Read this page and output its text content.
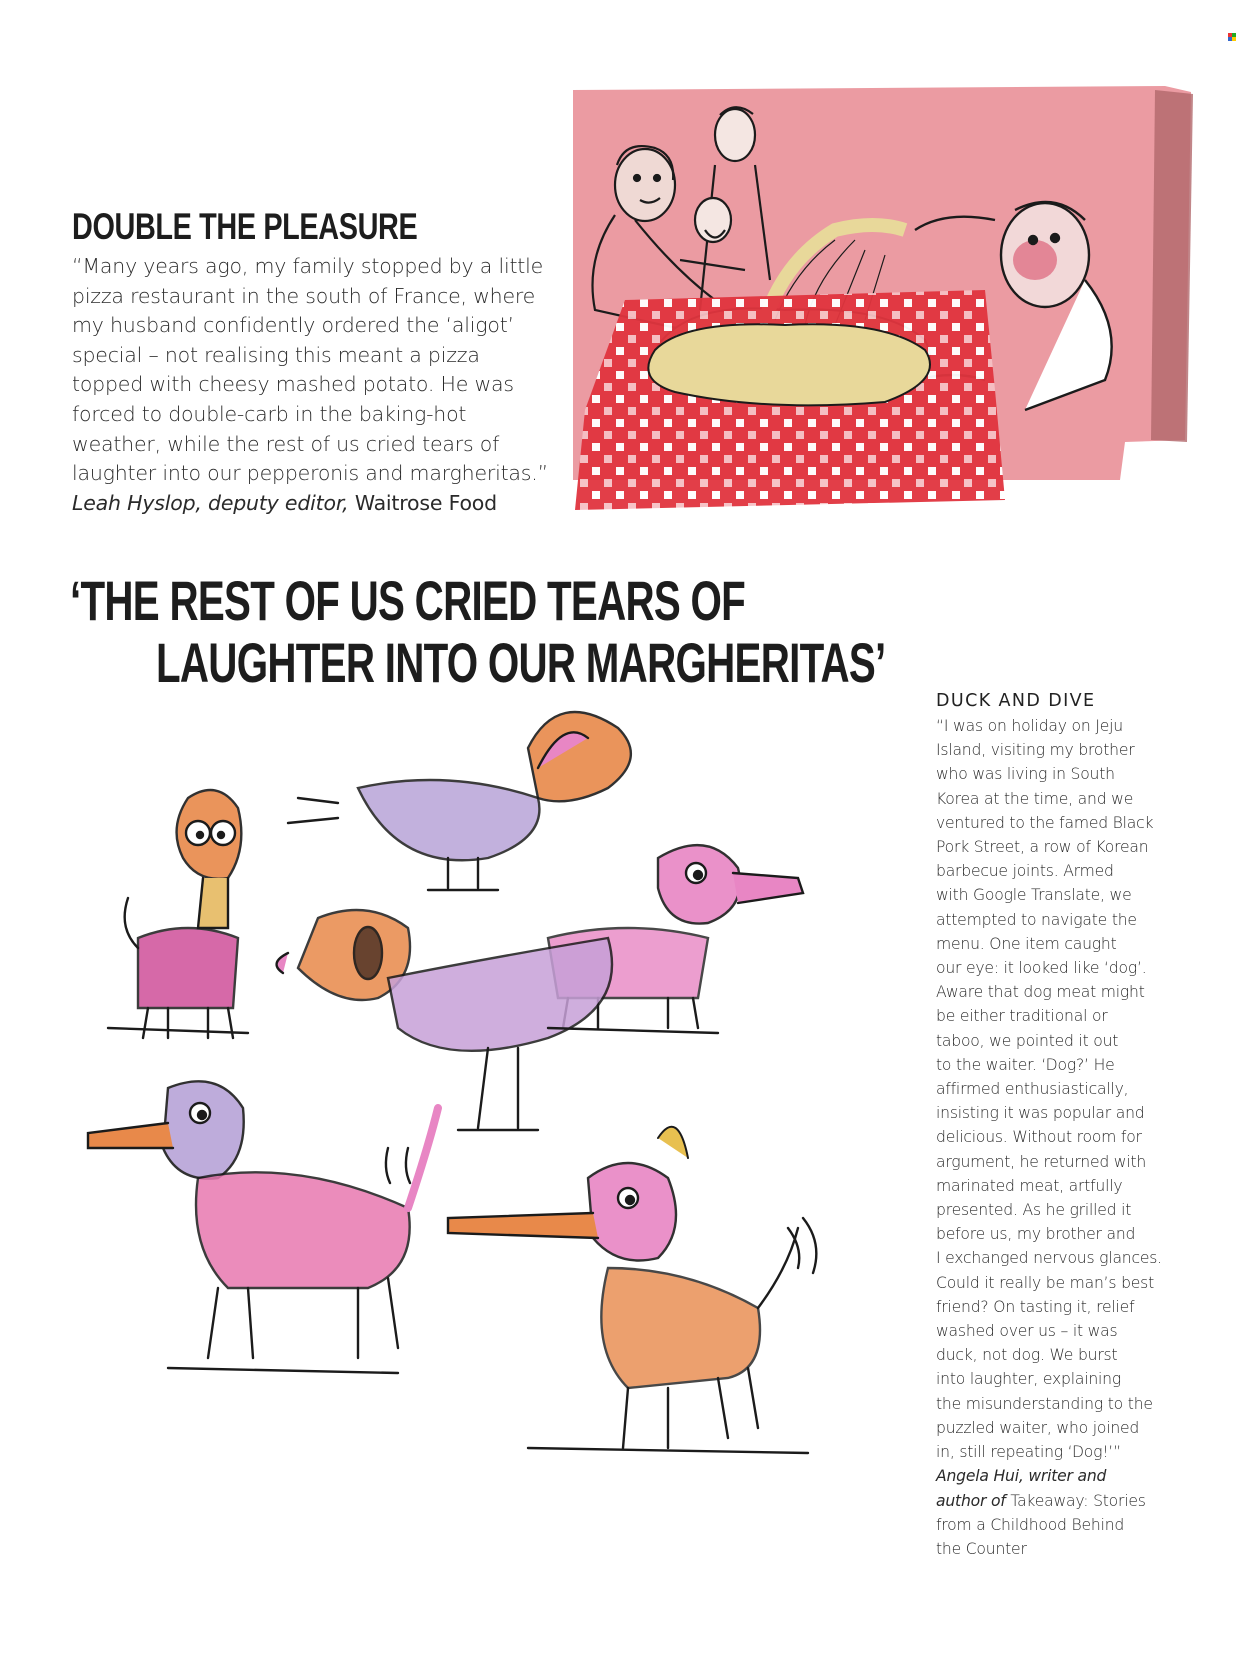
DOUBLE THE PLEASURE
“Many years ago, my family stopped by a little
pizza restaurant in the south of France, where
my husband confidently ordered the ‘aligot’
special – not realising this meant a pizza
topped with cheesy mashed potato. He was
forced to double-carb in the baking-hot
weather, while the rest of us cried tears of
laughter into our pepperonis and margheritas.”
Leah Hyslop, deputy editor, Waitrose Food
‘THE REST OF US CRIED TEARS OF
LAUGHTER INTO OUR MARGHERITAS’
DUCK AND DIVE
“I was on holiday on Jeju
Island, visiting my brother
who was living in South
Korea at the time, and we
ventured to the famed Black
Pork Street, a row of Korean
barbecue joints. Armed
with Google Translate, we
attempted to navigate the
menu. One item caught
our eye: it looked like ‘dog’.
Aware that dog meat might
be either traditional or
taboo, we pointed it out
to the waiter. ‘Dog?’ He
affirmed enthusiastically,
insisting it was popular and
delicious. Without room for
argument, he returned with
marinated meat, artfully
presented. As he grilled it
before us, my brother and
I exchanged nervous glances.
Could it really be man’s best
friend? On tasting it, relief
washed over us – it was
duck, not dog. We burst
into laughter, explaining
the misunderstanding to the
puzzled waiter, who joined
in, still repeating ‘Dog!’”
Angela Hui, writer and
author of Takeaway: Stories
from a Childhood Behind
the Counter
